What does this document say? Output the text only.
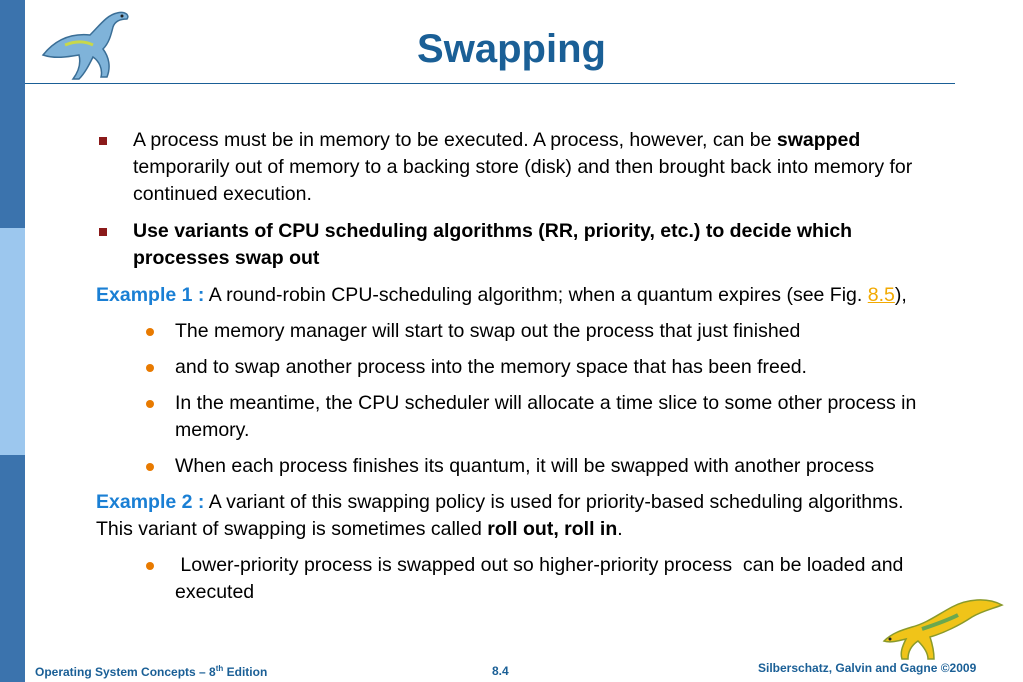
Swapping
A process must be in memory to be executed. A process, however, can be swapped temporarily out of memory to a backing store (disk) and then brought back into memory for continued execution.
Use variants of CPU scheduling algorithms (RR, priority, etc.) to decide which processes swap out
Example 1 : A round-robin CPU-scheduling algorithm; when a quantum expires (see Fig. 8.5),
The memory manager will start to swap out the process that just finished
and to swap another process into the memory space that has been freed.
In the meantime, the CPU scheduler will allocate a time slice to some other process in memory.
When each process finishes its quantum, it will be swapped with another process
Example 2 : A variant of this swapping policy is used for priority-based scheduling algorithms. This variant of swapping is sometimes called roll out, roll in.
Lower-priority process is swapped out so higher-priority process  can be loaded and executed
Operating System Concepts – 8th Edition	8.4	Silberschatz, Galvin and Gagne ©2009
